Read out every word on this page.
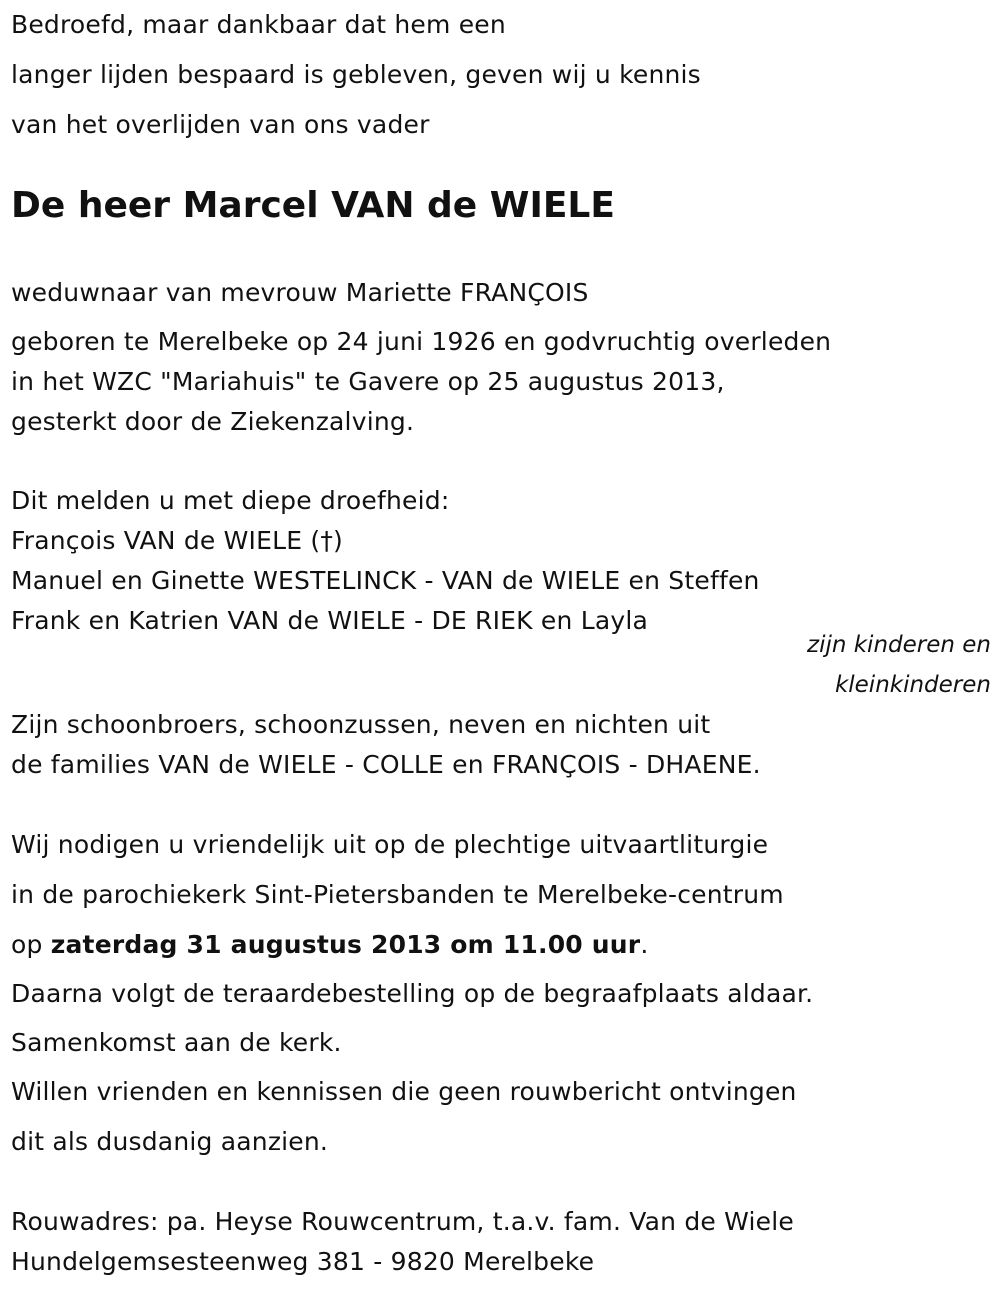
Bedroefd, maar dankbaar dat hem een
langer lijden bespaard is gebleven, geven wij u kennis
van het overlijden van ons vader
De heer Marcel VAN de WIELE
weduwnaar van mevrouw Mariette FRANÇOIS
geboren te Merelbeke op 24 juni 1926 en godvruchtig overleden
in het WZC "Mariahuis" te Gavere op 25 augustus 2013,
gesterkt door de Ziekenzalving.
Dit melden u met diepe droefheid:
François VAN de WIELE (†)
Manuel en Ginette WESTELINCK - VAN de WIELE en Steffen
Frank en Katrien VAN de WIELE - DE RIEK en Layla
zijn kinderen en
kleinkinderen
Zijn schoonbroers, schoonzussen, neven en nichten uit
de families VAN de WIELE - COLLE en FRANÇOIS - DHAENE.
Wij nodigen u vriendelijk uit op de plechtige uitvaartliturgie
in de parochiekerk Sint-Pietersbanden te Merelbeke-centrum
op zaterdag 31 augustus 2013 om 11.00 uur.
Daarna volgt de teraardebestelling op de begraafplaats aldaar.
Samenkomst aan de kerk.
Willen vrienden en kennissen die geen rouwbericht ontvingen
dit als dusdanig aanzien.
Rouwadres: pa. Heyse Rouwcentrum, t.a.v. fam. Van de Wiele
Hundelgemsesteenweg 381 - 9820 Merelbeke
